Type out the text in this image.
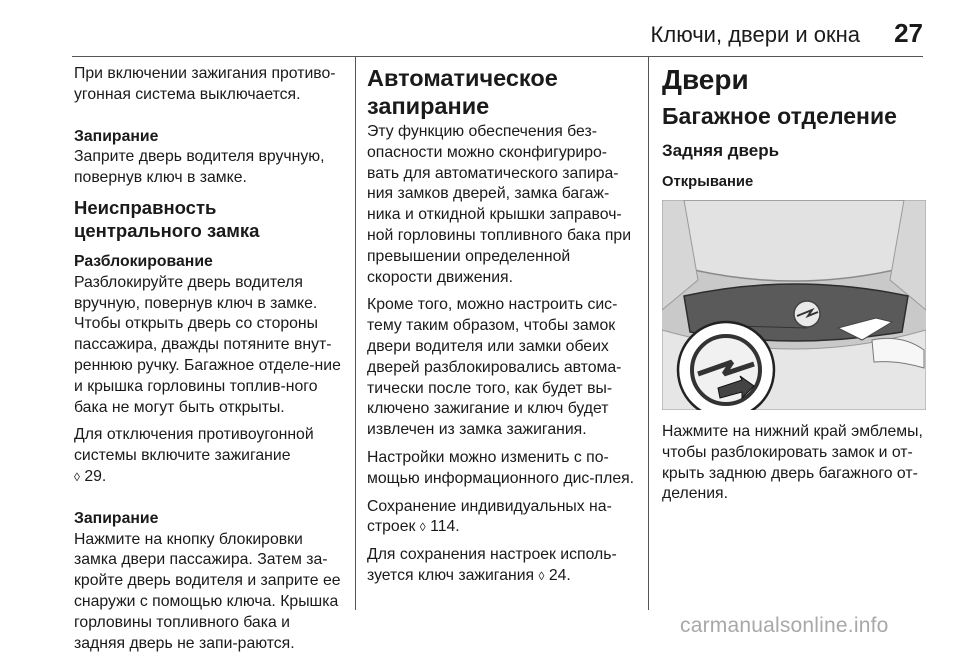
Ключи, двери и окна 27

При включении зажигания противо-угонная система выключается.

Запирание

Заприте дверь водителя вручную, повернув ключ в замке.

Неисправность центрального замка

Разблокирование

Разблокируйте дверь водителя вручную, повернув ключ в замке. Чтобы открыть дверь со стороны пассажира, дважды потяните внут-реннюю ручку. Багажное отделе-ние и крышка горловины топлив-ного бака не могут быть открыты.

Для отключения противоугонной системы включите зажигание
◊ 29.

Запирание

Нажмите на кнопку блокировки замка двери пассажира. Затем за-кройте дверь водителя и заприте ее снаружи с помощью ключа. Крышка горловины топливного бака и задняя дверь не запи-раются.

Автоматическое запирание

Эту функцию обеспечения без-опасности можно сконфигуриро-вать для автоматического запира-ния замков дверей, замка багаж-ника и откидной крышки заправоч-ной горловины топливного бака при превышении определенной скорости движения.

Кроме того, можно настроить сис-тему таким образом, чтобы замок двери водителя или замки обеих дверей разблокировались автома-тически после того, как будет вы-ключено зажигание и ключ будет извлечен из замка зажигания.

Настройки можно изменить с по-мощью информационного дис-плея.

Сохранение индивидуальных на-строек ◊ 114.

Для сохранения настроек исполь-зуется ключ зажигания ◊ 24.

Двери

Багажное отделение

Задняя дверь

Открывание

Нажмите на нижний край эмблемы, чтобы разблокировать замок и от-крыть заднюю дверь багажного от-деления.

carmanualsonline.info
